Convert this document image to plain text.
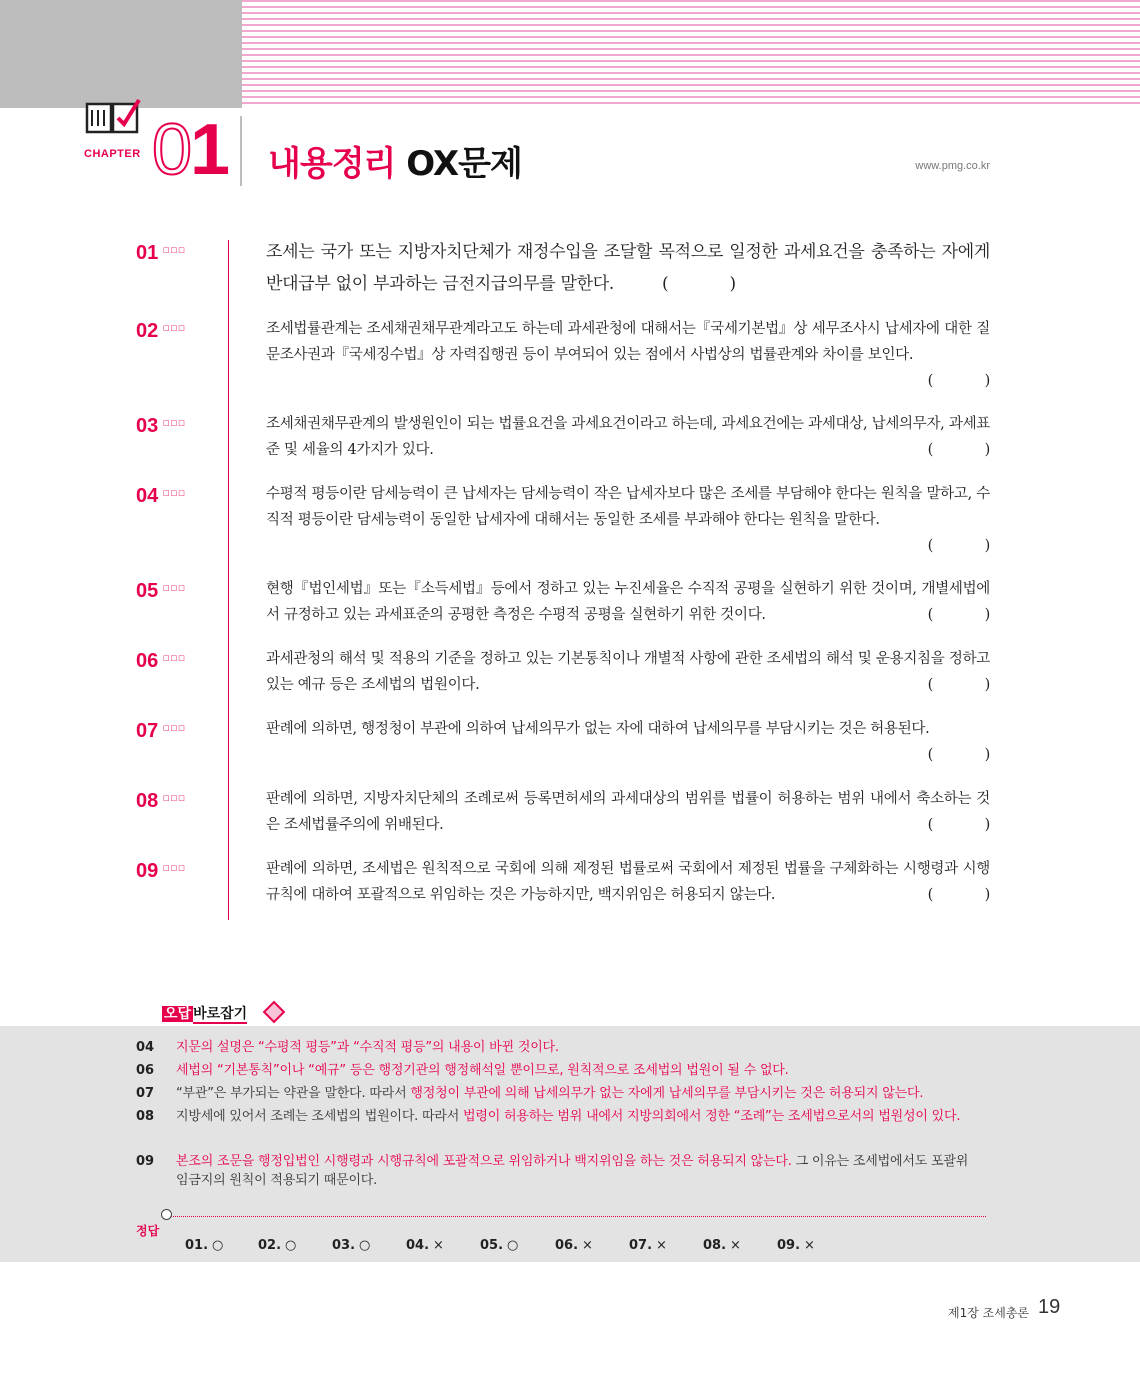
CHAPTER 01 내용정리 OX문제	www.pmg.co.kr
01 □□□	조세는 국가 또는 지방자치단체가 재정수입을 조달할 목적으로 일정한 과세요건을 충족하는 자에게 반대급부 없이 부과하는 금전지급의무를 말한다.	(            )
02 □□□	조세법률관계는 조세채권채무관계라고도 하는데 과세관청에 대해서는『국세기본법』상 세무조사시 납세자에 대한 질문조사권과『국세징수법』상 자력집행권 등이 부여되어 있는 점에서 사법상의 법률관계와 차이를 보인다.
(            )
03 □□□	조세채권채무관계의 발생원인이 되는 법률요건을 과세요건이라고 하는데, 과세요건에는 과세대상, 납세의무자, 과세표준 및 세율의 4가지가 있다.	(            )
04 □□□	수평적 평등이란 담세능력이 큰 납세자는 담세능력이 작은 납세자보다 많은 조세를 부담해야 한다는 원칙을 말하고, 수직적 평등이란 담세능력이 동일한 납세자에 대해서는 동일한 조세를 부과해야 한다는 원칙을 말한다.
(            )
05 □□□	현행『법인세법』또는『소득세법』등에서 정하고 있는 누진세율은 수직적 공평을 실현하기 위한 것이며, 개별세법에서 규정하고 있는 과세표준의 공평한 측정은 수평적 공평을 실현하기 위한 것이다.	(            )
06 □□□	과세관청의 해석 및 적용의 기준을 정하고 있는 기본통칙이나 개별적 사항에 관한 조세법의 해석 및 운용지침을 정하고 있는 예규 등은 조세법의 법원이다.	(            )
07 □□□	판례에 의하면, 행정청이 부관에 의하여 납세의무가 없는 자에 대하여 납세의무를 부담시키는 것은 허용된다.
(            )
08 □□□	판례에 의하면, 지방자치단체의 조례로써 등록면허세의 과세대상의 범위를 법률이 허용하는 범위 내에서 축소하는 것은 조세법률주의에 위배된다.	(            )
09 □□□	판례에 의하면, 조세법은 원칙적으로 국회에 의해 제정된 법률로써 국회에서 제정된 법률을 구체화하는 시행령과 시행규칙에 대하여 포괄적으로 위임하는 것은 가능하지만, 백지위임은 허용되지 않는다.	(            )
오답 바로잡기
04 지문의 설명은 “수평적 평등”과 “수직적 평등”의 내용이 바뀐 것이다.
06 세법의 “기본통칙”이나 “예규” 등은 행정기관의 행정해석일 뿐이므로, 원칙적으로 조세법의 법원이 될 수 없다.
07 “부관”은 부가되는 약관을 말한다. 따라서 행정청이 부관에 의해 납세의무가 없는 자에게 납세의무를 부담시키는 것은 허용되지 않는다.
08 지방세에 있어서 조례는 조세법의 법원이다. 따라서 법령이 허용하는 범위 내에서 지방의회에서 정한 “조례”는 조세법으로서의 법원성이 있다.
09 본조의 조문을 행정입법인 시행령과 시행규칙에 포괄적으로 위임하거나 백지위임을 하는 것은 허용되지 않는다. 그 이유는 조세법에서도 포괄위임금지의 원칙이 적용되기 때문이다.
정답
01. ○	02. ○	03. ○	04. ×	05. ○	06. ×	07. ×	08. ×	09. ×
제1장 조세총론 19
